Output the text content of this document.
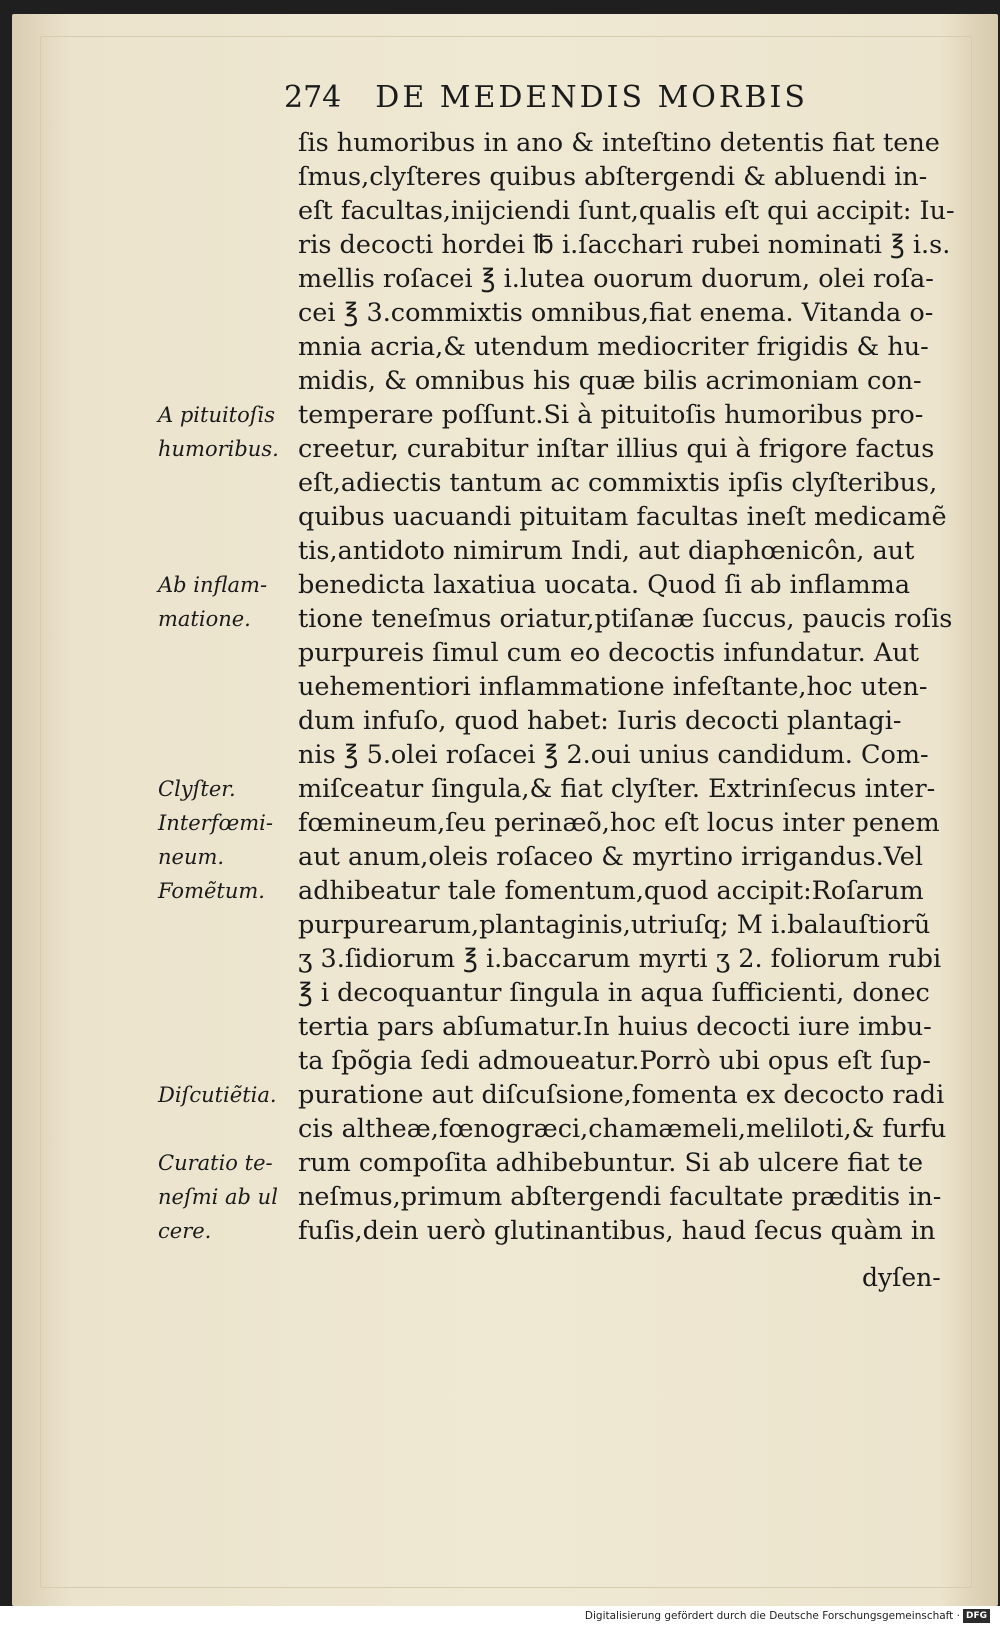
274 DE MEDENDIS MORBIS
ſis humoribus in ano & inteſtino detentis fiat tene
ſmus,clyſteres quibus abſtergendi & abluendi in-
eſt facultas,inijciendi ſunt,qualis eſt qui accipit: Iu-
ris decocti hordei ℔ i.ſacchari rubei nominati ℥ i.s.
mellis roſacei ℥ i.lutea ouorum duorum, olei roſa-
cei ℥ 3.commixtis omnibus,fiat enema. Vitanda o-
mnia acria,& utendum mediocriter frigidis & hu-
midis, & omnibus his quæ bilis acrimoniam con-
temperare poſſunt.Si à pituitoſis humoribus pro-
creetur, curabitur inſtar illius qui à frigore factus
eſt,adiectis tantum ac commixtis ipſis clyſteribus,
quibus uacuandi pituitam facultas ineſt medicamẽ
tis,antidoto nimirum Indi, aut diaphœnicôn, aut
benedicta laxatiua uocata. Quod ſi ab inflamma
tione teneſmus oriatur,ptiſanæ ſuccus, paucis roſis
purpureis ſimul cum eo decoctis infundatur. Aut
uehementiori inflammatione infeſtante,hoc uten-
dum infuſo, quod habet: Iuris decocti plantagi-
nis ℥ 5.olei roſacei ℥ 2.oui unius candidum. Com-
miſceatur ſingula,& fiat clyſter. Extrinſecus inter-
fœmineum,ſeu perinæõ,hoc eſt locus inter penem
aut anum,oleis roſaceo & myrtino irrigandus.Vel
adhibeatur tale fomentum,quod accipit:Roſarum
purpurearum,plantaginis,utriuſq; M i.balauſtiorũ
ʒ 3.ſidiorum ℥ i.baccarum myrti ʒ 2. foliorum rubi
℥ i decoquantur ſingula in aqua ſufficienti, donec
tertia pars abſumatur.In huius decocti iure imbu-
ta ſpõgia ſedi admoueatur.Porrò ubi opus eſt ſup-
puratione aut diſcuſsione,fomenta ex decocto radi
cis altheæ,fœnogræci,chamæmeli,meliloti,& furfu
rum compoſita adhibebuntur. Si ab ulcere fiat te
neſmus,primum abſtergendi facultate præditis in-
fuſis,dein uerò glutinantibus, haud ſecus quàm in
dyſen-
A pituitoſis
humoribus.
Ab inflam-
matione.
Clyſter.
Interfœmi-
neum.
Fomẽtum.
Diſcutiẽtia.
Curatio te-
neſmi ab ul
cere.
Digitalisierung gefördert durch die Deutsche Forschungsgemeinschaft · DFG
